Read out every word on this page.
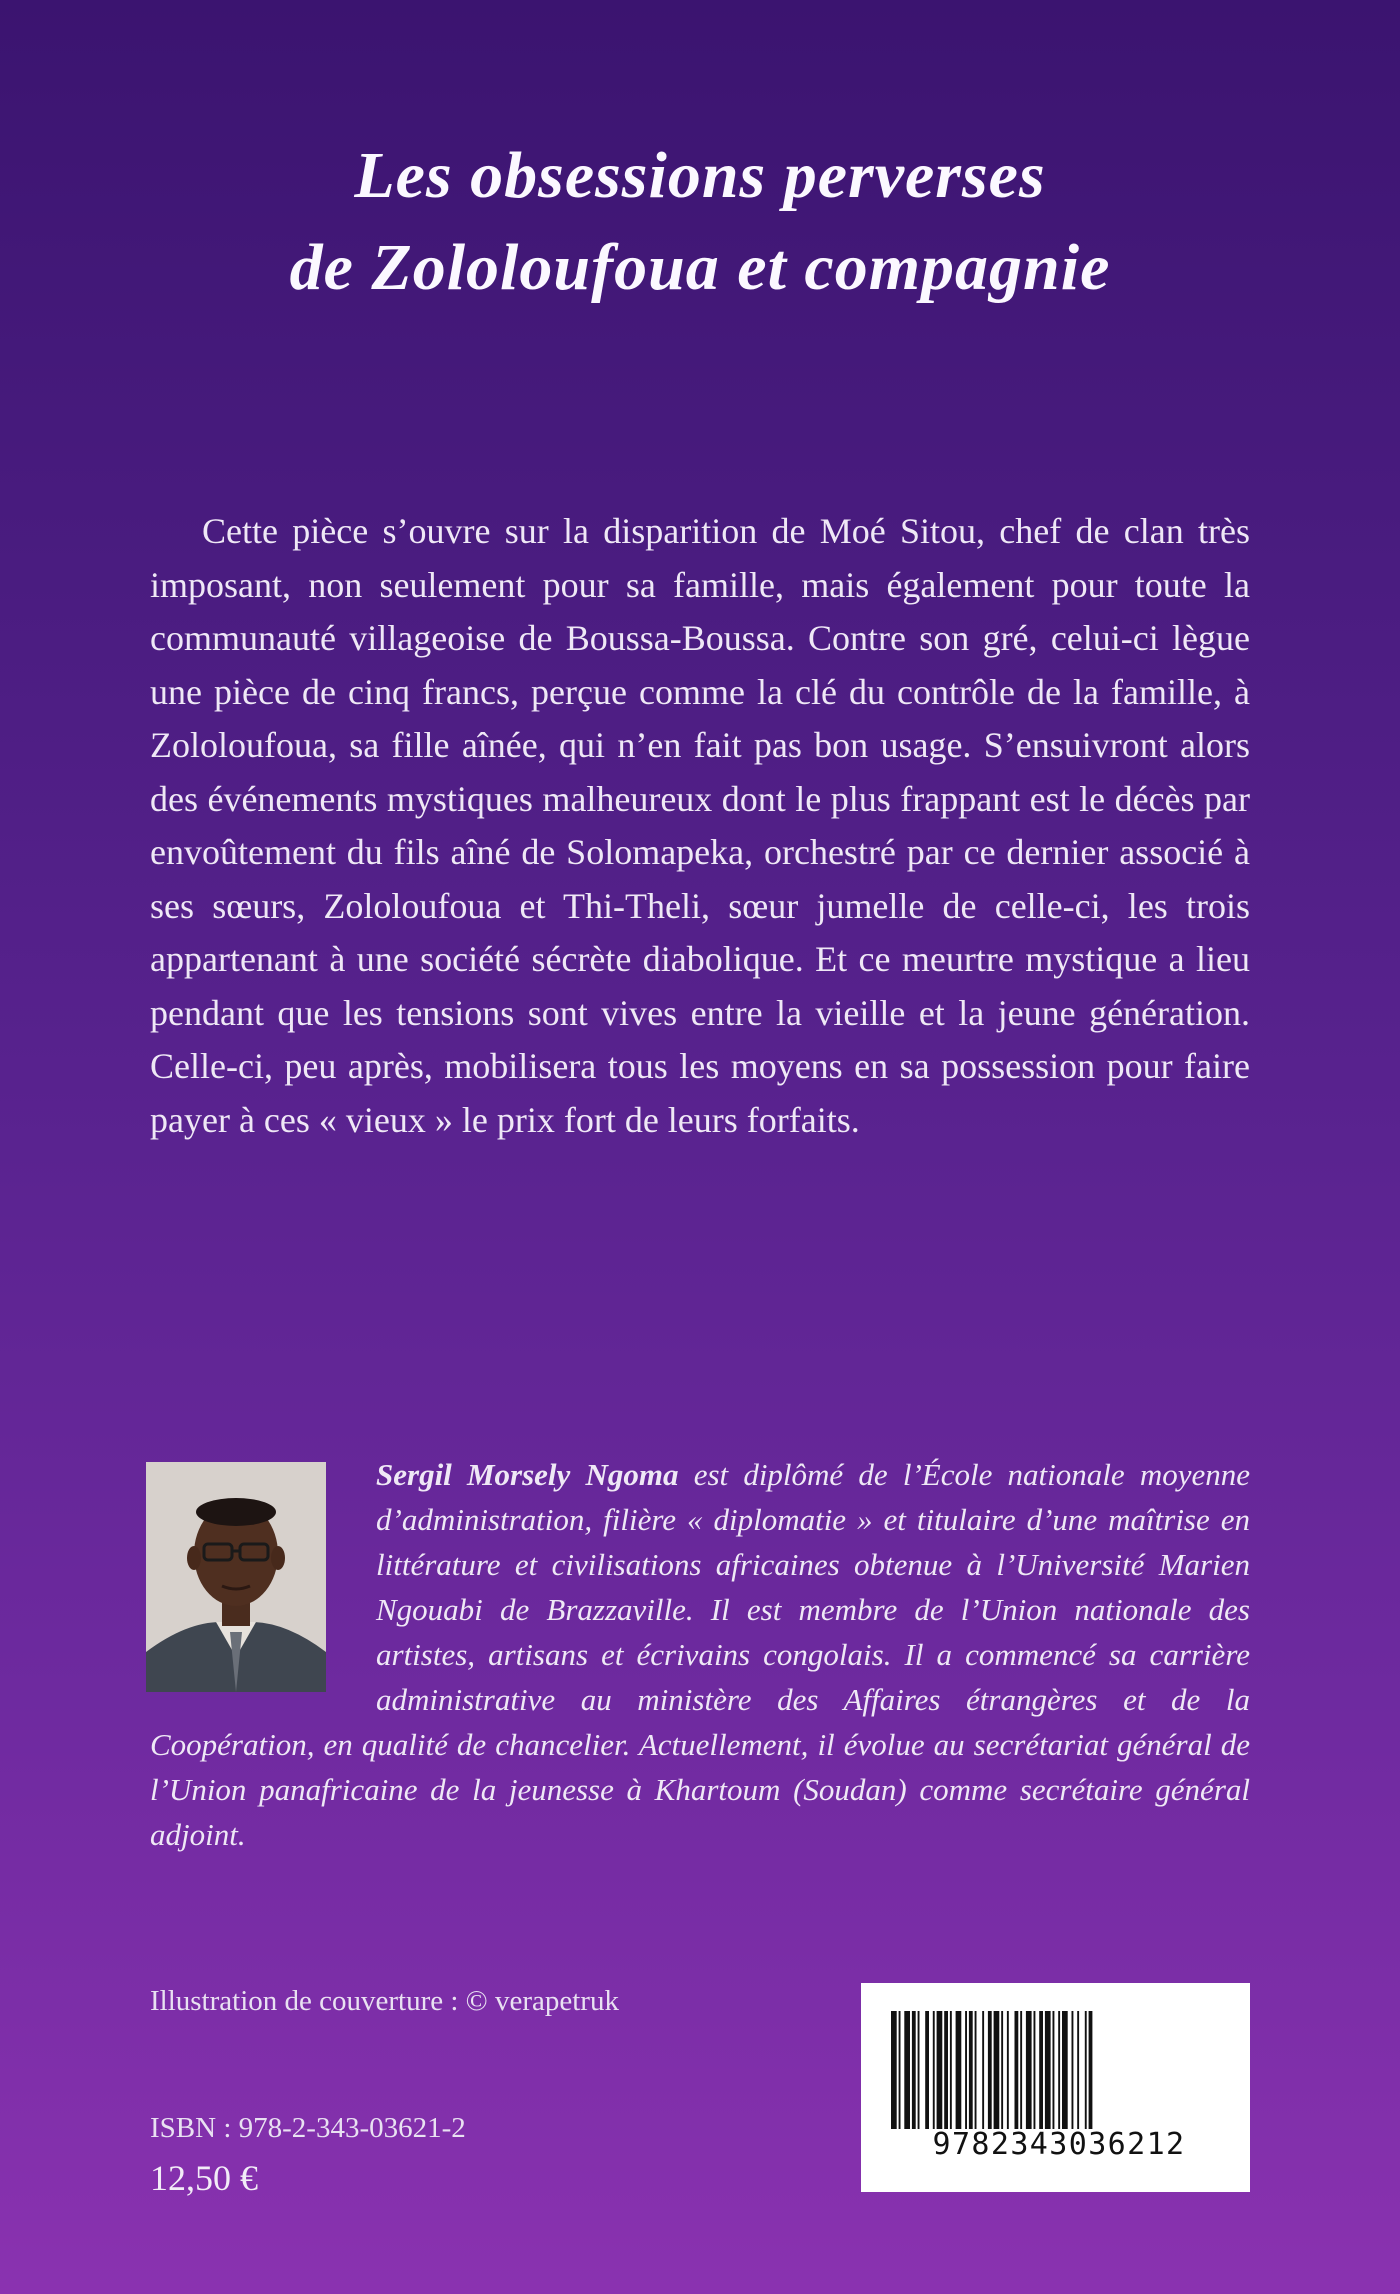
Les obsessions perverses
de Zololoufoua et compagnie

Cette pièce s’ouvre sur la disparition de Moé Sitou, chef de clan très imposant, non seulement pour sa famille, mais également pour toute la communauté villageoise de Boussa-Boussa. Contre son gré, celui-ci lègue une pièce de cinq francs, perçue comme la clé du contrôle de la famille, à Zololoufoua, sa fille aînée, qui n’en fait pas bon usage. S’ensuivront alors des événements mystiques malheureux dont le plus frappant est le décès par envoûtement du fils aîné de Solomapeka, orchestré par ce dernier associé à ses sœurs, Zololoufoua et Thi-Theli, sœur jumelle de celle-ci, les trois appartenant à une société sécrète diabolique. Et ce meurtre mystique a lieu pendant que les tensions sont vives entre la vieille et la jeune génération. Celle-ci, peu après, mobilisera tous les moyens en sa possession pour faire payer à ces « vieux » le prix fort de leurs forfaits.

Sergil Morsely Ngoma est diplômé de l’École nationale moyenne d’administration, filière « diplomatie » et titulaire d’une maîtrise en littérature et civilisations africaines obtenue à l’Université Marien Ngouabi de Brazzaville. Il est membre de l’Union nationale des artistes, artisans et écrivains congolais. Il a commencé sa carrière administrative au ministère des Affaires étrangères et de la Coopération, en qualité de chancelier. Actuellement, il évolue au secrétariat général de l’Union panafricaine de la jeunesse à Khartoum (Soudan) comme secrétaire général adjoint.

Illustration de couverture : © verapetruk
ISBN : 978-2-343-03621-2
12,50 €
9782343036212
